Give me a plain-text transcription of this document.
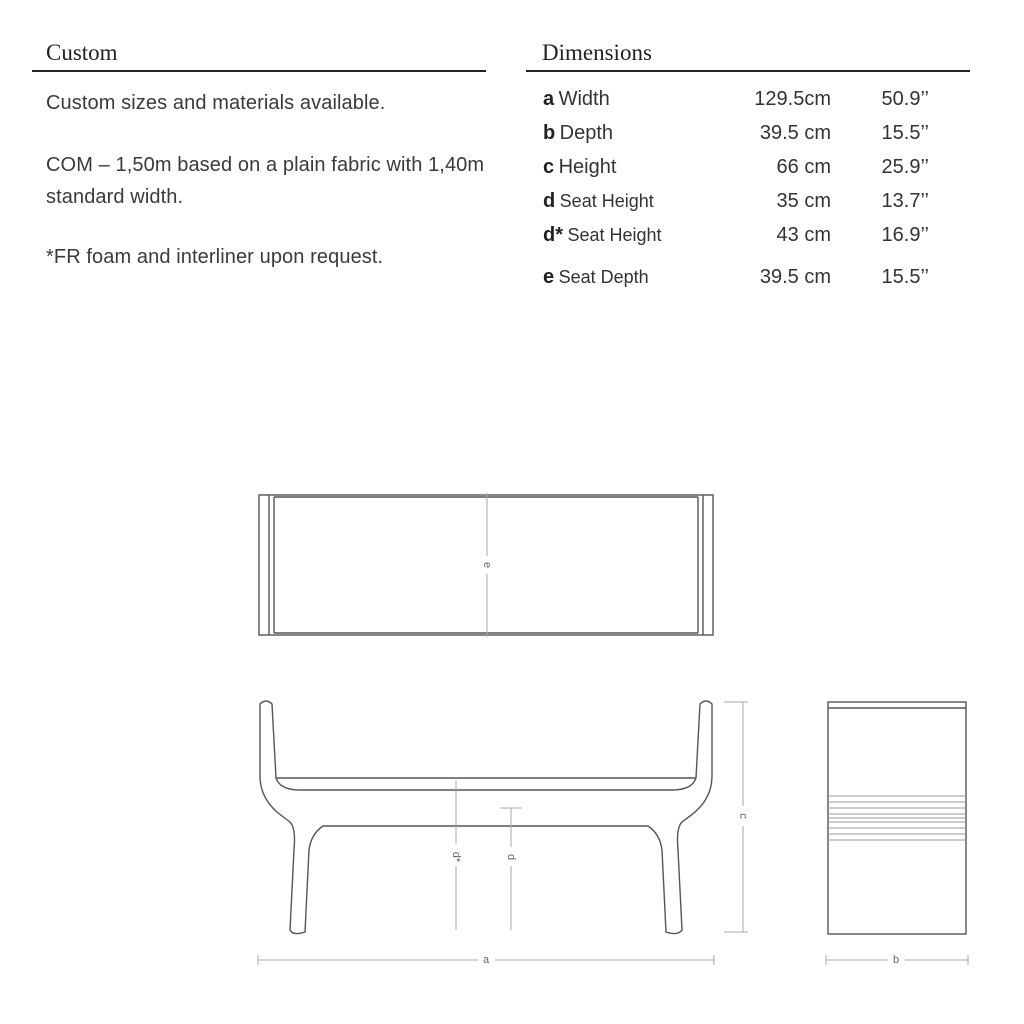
Custom

Custom sizes and materials available.

COM – 1,50m based on a plain fabric with 1,40m standard width.

*FR foam and interliner upon request.

Dimensions
a Width	129.5cm	50.9’’
b Depth	39.5 cm	15.5’’
c Height	66 cm	25.9’’
d Seat Height	35 cm	13.7’’
d* Seat Height	43 cm	16.9’’
e Seat Depth	39.5 cm	15.5’’
e
a
d*	d
c
b
